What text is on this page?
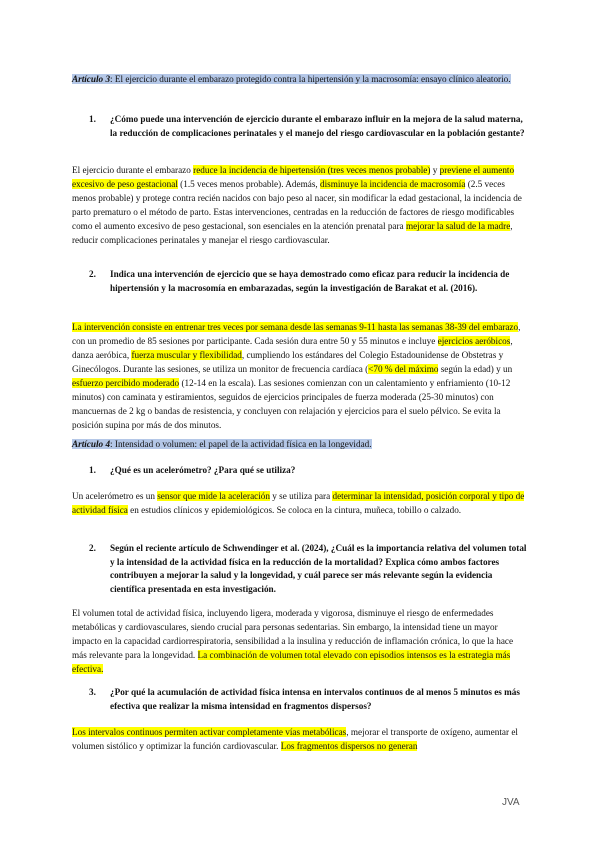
Artículo 3: El ejercicio durante el embarazo protegido contra la hipertensión y la macrosomía: ensayo clínico aleatorio.
1. ¿Cómo puede una intervención de ejercicio durante el embarazo influir en la mejora de la salud materna, la reducción de complicaciones perinatales y el manejo del riesgo cardiovascular en la población gestante?
El ejercicio durante el embarazo reduce la incidencia de hipertensión (tres veces menos probable) y previene el aumento excesivo de peso gestacional (1.5 veces menos probable). Además, disminuye la incidencia de macrosomía (2.5 veces menos probable) y protege contra recién nacidos con bajo peso al nacer, sin modificar la edad gestacional, la incidencia de parto prematuro o el método de parto. Estas intervenciones, centradas en la reducción de factores de riesgo modificables como el aumento excesivo de peso gestacional, son esenciales en la atención prenatal para mejorar la salud de la madre, reducir complicaciones perinatales y manejar el riesgo cardiovascular.
2. Indica una intervención de ejercicio que se haya demostrado como eficaz para reducir la incidencia de hipertensión y la macrosomía en embarazadas, según la investigación de Barakat et al. (2016).
La intervención consiste en entrenar tres veces por semana desde las semanas 9-11 hasta las semanas 38-39 del embarazo, con un promedio de 85 sesiones por participante. Cada sesión dura entre 50 y 55 minutos e incluye ejercicios aeróbicos, danza aeróbica, fuerza muscular y flexibilidad, cumpliendo los estándares del Colegio Estadounidense de Obstetras y Ginecólogos. Durante las sesiones, se utiliza un monitor de frecuencia cardíaca (<70 % del máximo según la edad) y un esfuerzo percibido moderado (12-14 en la escala). Las sesiones comienzan con un calentamiento y enfriamiento (10-12 minutos) con caminata y estiramientos, seguidos de ejercicios principales de fuerza moderada (25-30 minutos) con mancuernas de 2 kg o bandas de resistencia, y concluyen con relajación y ejercicios para el suelo pélvico. Se evita la posición supina por más de dos minutos.
Artículo 4: Intensidad o volumen: el papel de la actividad física en la longevidad.
1. ¿Qué es un acelerómetro? ¿Para qué se utiliza?
Un acelerómetro es un sensor que mide la aceleración y se utiliza para determinar la intensidad, posición corporal y tipo de actividad física en estudios clínicos y epidemiológicos. Se coloca en la cintura, muñeca, tobillo o calzado.
2. Según el reciente artículo de Schwendinger et al. (2024), ¿Cuál es la importancia relativa del volumen total y la intensidad de la actividad física en la reducción de la mortalidad? Explica cómo ambos factores contribuyen a mejorar la salud y la longevidad, y cuál parece ser más relevante según la evidencia científica presentada en esta investigación.
El volumen total de actividad física, incluyendo ligera, moderada y vigorosa, disminuye el riesgo de enfermedades metabólicas y cardiovasculares, siendo crucial para personas sedentarias. Sin embargo, la intensidad tiene un mayor impacto en la capacidad cardiorrespiratoria, sensibilidad a la insulina y reducción de inflamación crónica, lo que la hace más relevante para la longevidad. La combinación de volumen total elevado con episodios intensos es la estrategia más efectiva.
3. ¿Por qué la acumulación de actividad física intensa en intervalos continuos de al menos 5 minutos es más efectiva que realizar la misma intensidad en fragmentos dispersos?
Los intervalos continuos permiten activar completamente vías metabólicas, mejorar el transporte de oxígeno, aumentar el volumen sistólico y optimizar la función cardiovascular. Los fragmentos dispersos no generan
JVA
